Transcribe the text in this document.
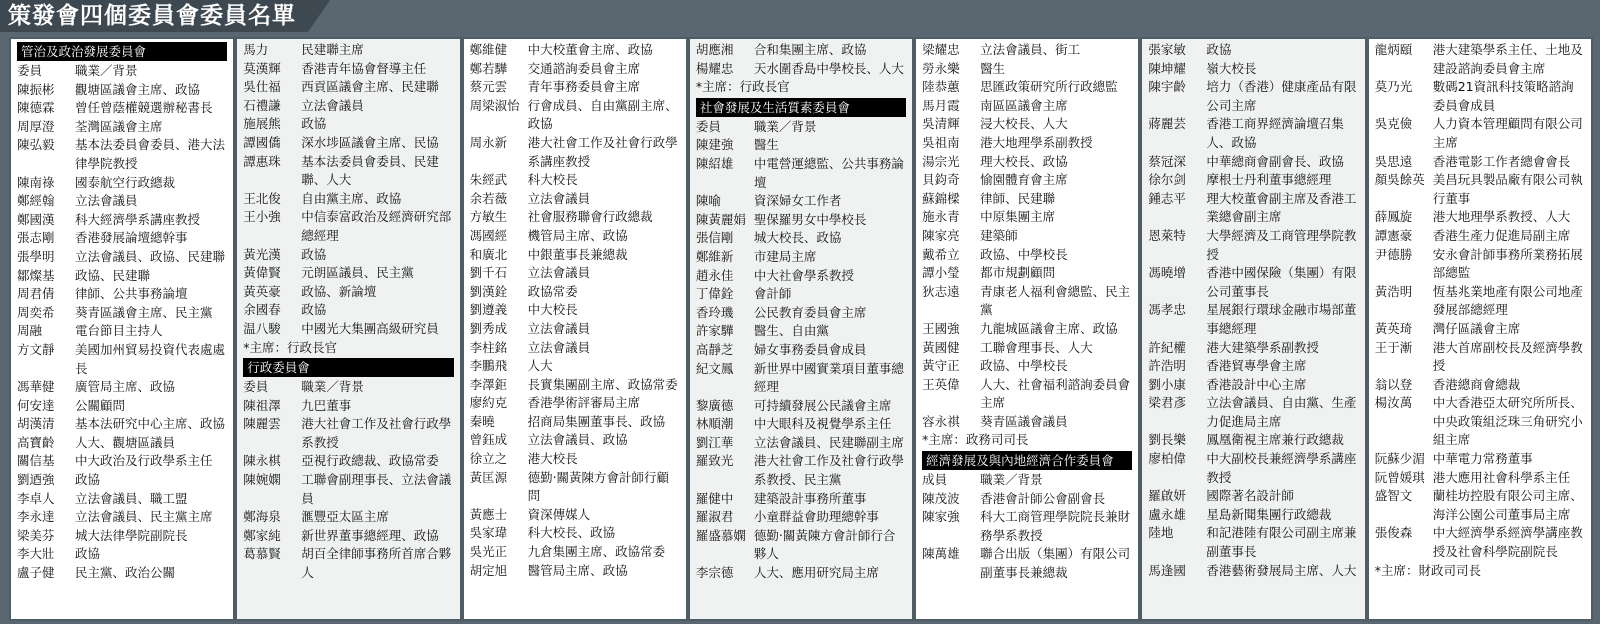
策發會四個委員會委員名單
管治及政治發展委員會
委員	職業／背景
陳振彬	觀塘區議會主席、政協
陳德霖	曾任曾蔭權競選辦秘書長
周厚澄	荃灣區議會主席
陳弘毅	基本法委員會委員、港大法律學院教授
陳南祿	國泰航空行政總裁
鄭經翰	立法會議員
鄭國漢	科大經濟學系講座教授
張志剛	香港發展論壇總幹事
張學明	立法會議員、政協、民建聯
鄒燦基	政協、民建聯
周君倩	律師、公共事務論壇
周奕希	葵青區議會主席、民主黨
周融	電台節目主持人
方文靜	美國加州貿易投資代表處處長
馮華健	廣管局主席、政協
何安達	公關顧問
胡漢清	基本法研究中心主席、政協
高寶齡	人大、觀塘區議員
關信基	中大政治及行政學系主任
劉迺強	政協
李卓人	立法會議員、職工盟
李永達	立法會議員、民主黨主席
梁美芬	城大法律學院副院長
李大壯	政協
盧子健	民主黨、政治公關
馬力	民建聯主席
莫漢輝	香港青年協會督導主任
吳仕福	西貢區議會主席、民建聯
石禮謙	立法會議員
施展熊	政協
譚國僑	深水埗區議會主席、民協
譚惠珠	基本法委員會委員、民建聯、人大
王北俊	自由黨主席、政協
王小強	中信泰富政治及經濟研究部總經理
黃光漢	政協
黃偉賢	元朗區議員、民主黨
黃英豪	政協、新論壇
余國春	政協
温八駿	中國光大集團高級研究員
*主席：行政長官
行政委員會
委員	職業／背景
陳祖澤	九巴董事
陳麗雲	港大社會工作及社會行政學系教授
陳永棋	亞視行政總裁、政協常委
陳婉嫻	工聯會副理事長、立法會議員
鄭海泉	滙豐亞太區主席
鄭家純	新世界董事總經理、政協
葛慕賢	胡百全律師事務所首席合夥人
鄭維健	中大校董會主席、政協
鄭若驊	交通諮詢委員會主席
蔡元雲	青年事務委員會主席
周梁淑怡 行會成員、自由黨副主席、政協
周永新	港大社會工作及社會行政學系講座教授
朱經武	科大校長
余若薇	立法會議員
方敏生	社會服務聯會行政總裁
馮國經	機管局主席、政協
和廣北	中銀董事長兼總裁
劉千石	立法會議員
劉漢銓	政協常委
劉遵義	中大校長
劉秀成	立法會議員
李柱銘	立法會議員
李鵬飛	人大
李澤鉅	長實集團副主席、政協常委
廖約克	香港學術評審局主席
秦曉	招商局集團董事長、政協
曾鈺成	立法會議員、政協
徐立之	港大校長
黃匡源	德勤‧關黃陳方會計師行顧問
黃應士	資深傳媒人
吳家瑋	科大校長、政協
吳光正	九倉集團主席、政協常委
胡定旭	醫管局主席、政協
胡應湘	合和集團主席、政協
楊耀忠	天水圍香島中學校長、人大
*主席：行政長官
社會發展及生活質素委員會
委員	職業／背景
陳建強	醫生
陳紹雄	中電營運總監、公共事務論壇
陳喻	資深婦女工作者
陳黃麗娟 聖保羅男女中學校長
張信剛	城大校長、政協
鄭維新	市建局主席
趙永佳	中大社會學系教授
丁偉銓	會計師
香玲璣	公民教育委員會主席
許家驊	醫生、自由黨
高靜芝	婦女事務委員會成員
紀文鳳	新世界中國實業項目董事總經理
黎廣德	可持續發展公民議會主席
林順潮	中大眼科及視覺學系主任
劉江華	立法會議員、民建聯副主席
羅致光	港大社會工作及社會行政學系教授、民主黨
羅健中	建築設計事務所董事
羅淑君	小童群益會助理總幹事
羅盛慕嫻 德勤‧關黃陳方會計師行合夥人
李宗德	人大、應用研究局主席
梁耀忠	立法會議員、街工
勞永樂	醫生
陸恭蕙	思匯政策研究所行政總監
馬月霞	南區區議會主席
吳清輝	浸大校長、人大
吳祖南	港大地理學系副教授
湯宗光	理大校長、政協
貝鈞奇	愉園體育會主席
蘇錦樑	律師、民建聯
施永青	中原集團主席
陳家亮	建築師
戴希立	政協、中學校長
譚小瑩	都市規劃顧問
狄志遠	青康老人福利會總監、民主黨
王國強	九龍城區議會主席、政協
黃國健	工聯會理事長、人大
黃守正	政協、中學校長
王英偉	人大、社會福利諮詢委員會主席
容永祺	葵青區議會議員
*主席：政務司司長
經濟發展及與內地經濟合作委員會
成員	職業／背景
陳茂波	香港會計師公會副會長
陳家強	科大工商管理學院院長兼財務學系教授
陳萬雄	聯合出版（集團）有限公司副董事長兼總裁
張家敏	政協
陳坤耀	嶺大校長
陳宇齡	培力（香港）健康產品有限公司主席
蔣麗芸	香港工商界經濟論壇召集人、政協
蔡冠深	中華總商會副會長、政協
徐尔剑	摩根士丹利董事總經理
鍾志平	理大校董會副主席及香港工業總會副主席
恩萊特	大學經濟及工商管理學院教授
馮曉增	香港中國保險（集團）有限公司董事長
馮孝忠	星展銀行環球金融市場部董事總經理
許紀權	港大建築學系副教授
許浩明	香港貿專學會主席
劉小康	香港設計中心主席
梁君彥	立法會議員、自由黨、生產力促進局主席
劉長樂	鳳凰衛視主席兼行政總裁
廖柏偉	中大副校長兼經濟學系講座教授
羅啟妍	國際著名設計師
盧永雄	星島新聞集團行政總裁
陸地	和記港陸有限公司副主席兼副董事長
馬逢國	香港藝術發展局主席、人大
龍炳頤	港大建築學系主任、土地及建設諮詢委員會主席
莫乃光	數碼21資訊科技策略諮詢委員會成員
吳克儉	人力資本管理顧問有限公司主席
吳思遠	香港電影工作者總會會長
顏吳餘英 美昌玩具製品廠有限公司執行董事
薛鳳旋	港大地理學系教授、人大
譚憲豪	香港生產力促進局副主席
尹德勝	安永會計師事務所業務拓展部總監
黃浩明	恆基兆業地產有限公司地產發展部總經理
黃英琦	灣仔區議會主席
王于漸	港大首席副校長及經濟學教授
翁以登	香港總商會總裁
楊汝萬	中大香港亞太研究所所長、中央政策組泛珠三角研究小組主席
阮蘇少湄 中華電力常務董事
阮曾媛琪 港大應用社會科學系主任
盛智文	蘭桂坊控股有限公司主席、海洋公園公司董事局主席
張俊森	中大經濟學系經濟學講座教授及社會科學院副院長
*主席：財政司司長
